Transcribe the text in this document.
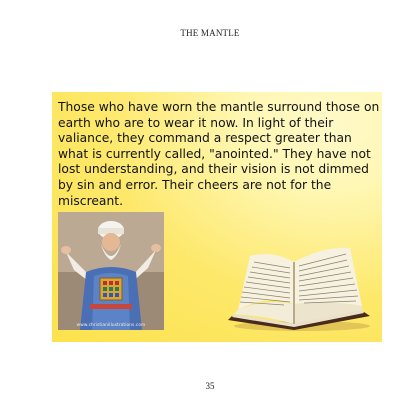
THE MANTLE

Those who have worn the mantle surround those on earth who are to wear it now. In light of their valiance, they command a respect greater than what is currently called, "anointed." They have not lost understanding, and their vision is not dimmed by sin and error. Their cheers are not for the miscreant.

www.christianillustrations.com
35
